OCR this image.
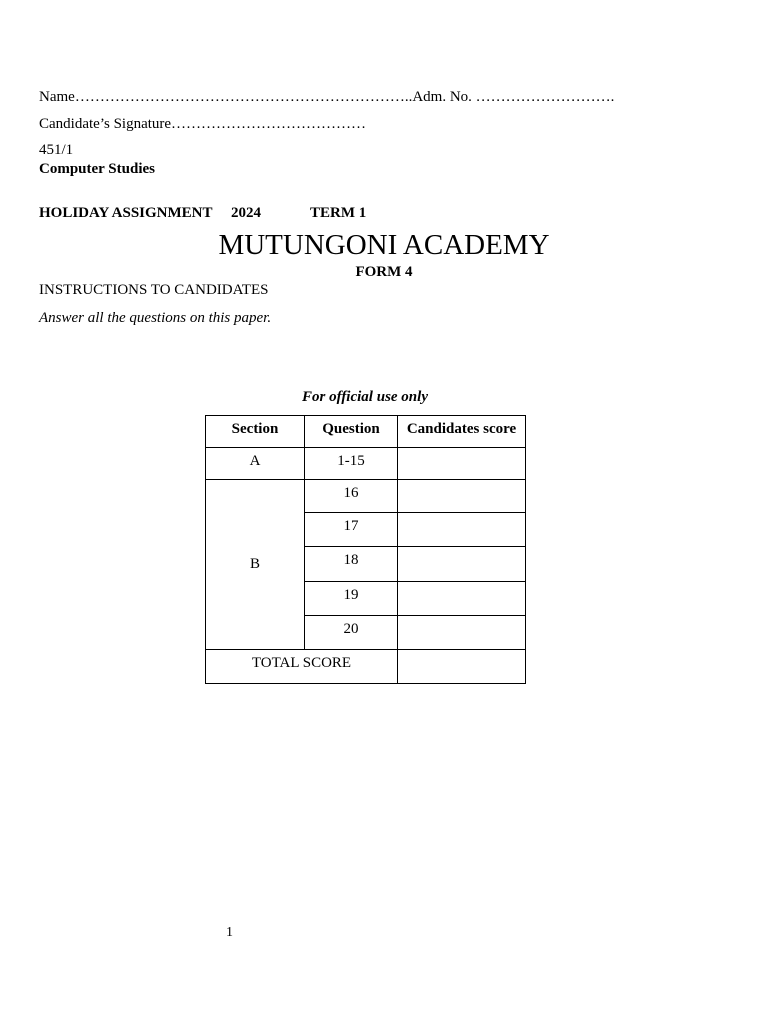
Name…………………………………………………………..Adm. No. ……………………….
Candidate’s Signature…………………………………
451/1
Computer Studies
HOLIDAY ASSIGNMENT 2024	TERM 1
MUTUNGONI ACADEMY
FORM 4
INSTRUCTIONS TO CANDIDATES
Answer all the questions on this paper.
For official use only
Section	Question	Candidates score
A	1-15	
B	16	
	17	
	18	
	19	
	20	
TOTAL SCORE		
1
